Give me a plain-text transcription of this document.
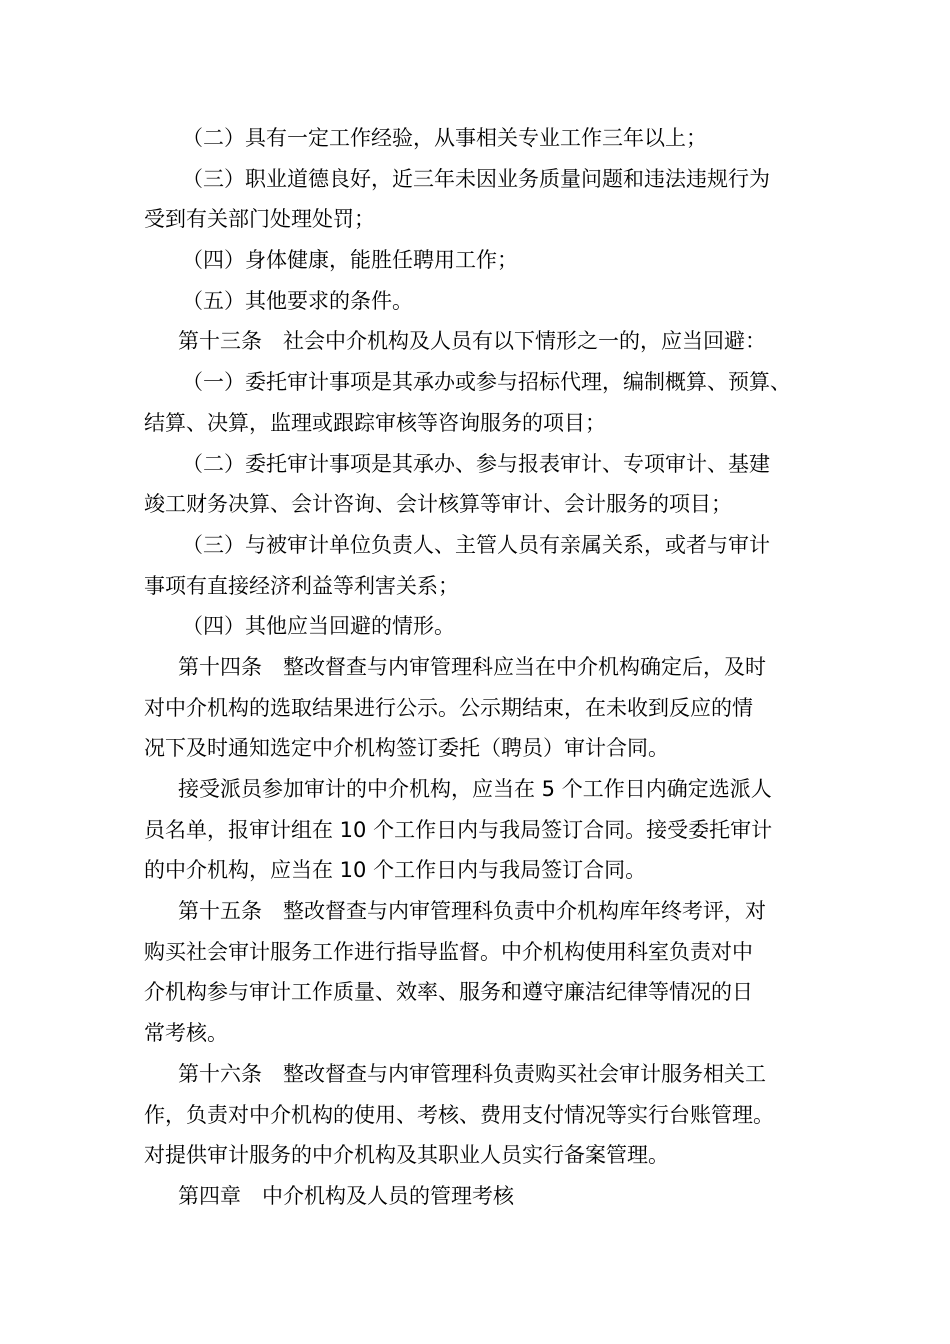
（二）具有一定工作经验，从事相关专业工作三年以上；
（三）职业道德良好，近三年未因业务质量问题和违法违规行为
受到有关部门处理处罚；
（四）身体健康，能胜任聘用工作；
（五）其他要求的条件。
第十三条　社会中介机构及人员有以下情形之一的，应当回避：
（一）委托审计事项是其承办或参与招标代理，编制概算、预算、
结算、决算，监理或跟踪审核等咨询服务的项目；
（二）委托审计事项是其承办、参与报表审计、专项审计、基建
竣工财务决算、会计咨询、会计核算等审计、会计服务的项目；
（三）与被审计单位负责人、主管人员有亲属关系，或者与审计
事项有直接经济利益等利害关系；
（四）其他应当回避的情形。
第十四条　整改督查与内审管理科应当在中介机构确定后，及时
对中介机构的选取结果进行公示。公示期结束，在未收到反应的情
况下及时通知选定中介机构签订委托（聘员）审计合同。
接受派员参加审计的中介机构，应当在 5 个工作日内确定选派人
员名单，报审计组在 10 个工作日内与我局签订合同。接受委托审计
的中介机构，应当在 10 个工作日内与我局签订合同。
第十五条　整改督查与内审管理科负责中介机构库年终考评，对
购买社会审计服务工作进行指导监督。中介机构使用科室负责对中
介机构参与审计工作质量、效率、服务和遵守廉洁纪律等情况的日
常考核。
第十六条　整改督查与内审管理科负责购买社会审计服务相关工
作，负责对中介机构的使用、考核、费用支付情况等实行台账管理。
对提供审计服务的中介机构及其职业人员实行备案管理。
第四章　中介机构及人员的管理考核
